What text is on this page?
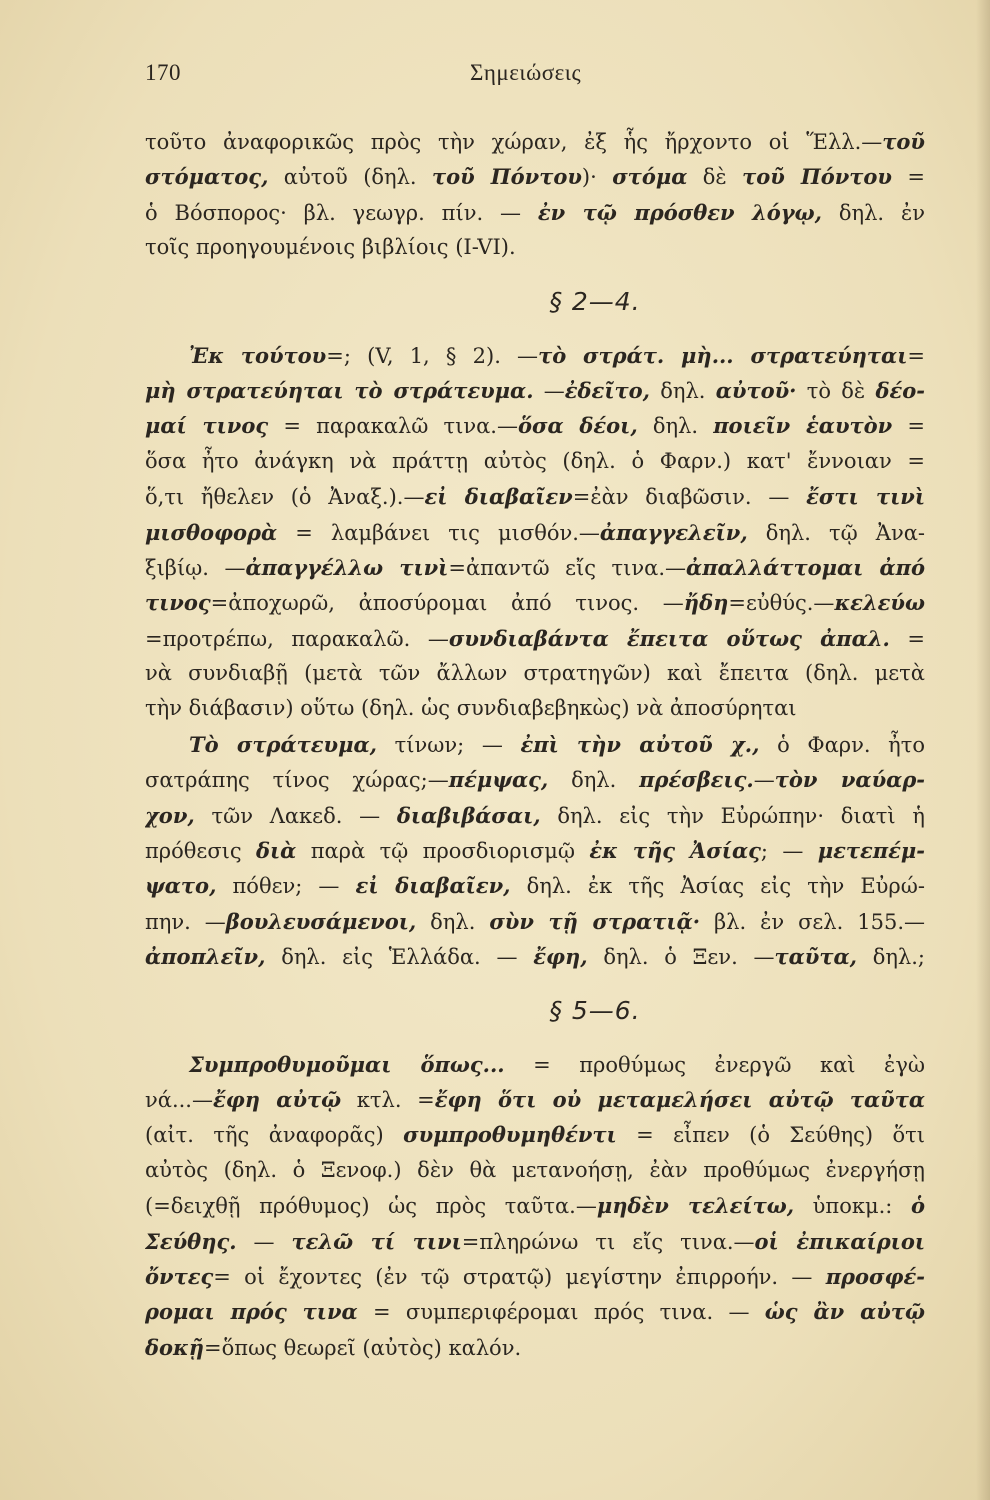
170	Σημειώσεις
τοῦτο ἀναφορικῶς πρὸς τὴν χώραν, ἐξ ἧς ἤρχοντο οἱ Ἕλλ.—τοῦ
στόματος, αὐτοῦ (δηλ. τοῦ Πόντου)· στόμα δὲ τοῦ Πόντου =
ὁ Βόσπορος· βλ. γεωγρ. πίν. — ἐν τῷ πρόσθεν λόγῳ, δηλ. ἐν
τοῖς προηγουμένοις βιβλίοις (I-VI).
§ 2—4.
Ἐκ τούτου=; (V, 1, § 2). —τὸ στράτ. μὴ... στρατεύηται=
μὴ στρατεύηται τὸ στράτευμα. —ἐδεῖτο, δηλ. αὐτοῦ· τὸ δὲ δέο-
μαί τινος = παρακαλῶ τινα.—ὅσα δέοι, δηλ. ποιεῖν ἑαυτὸν =
ὅσα ἦτο ἀνάγκη νὰ πράττῃ αὐτὸς (δηλ. ὁ Φαρν.) κατ' ἔννοιαν =
ὅ,τι ἤθελεν (ὁ Ἀναξ.).—εἰ διαβαῖεν=ἐὰν διαβῶσιν. — ἔστι τινὶ
μισθοφορὰ = λαμβάνει τις μισθόν.—ἀπαγγελεῖν, δηλ. τῷ Ἀνα-
ξιβίῳ. —ἀπαγγέλλω τινὶ=ἀπαντῶ εἴς τινα.—ἀπαλλάττομαι ἀπό
τινος=ἀποχωρῶ, ἀποσύρομαι ἀπό τινος. —ἤδη=εὐθύς.—κελεύω
=προτρέπω, παρακαλῶ. —συνδιαβάντα ἔπειτα οὕτως ἀπαλ. =
νὰ συνδιαβῇ (μετὰ τῶν ἄλλων στρατηγῶν) καὶ ἔπειτα (δηλ. μετὰ
τὴν διάβασιν) οὕτω (δηλ. ὡς συνδιαβεβηκὼς) νὰ ἀποσύρηται
Τὸ στράτευμα, τίνων; — ἐπὶ τὴν αὐτοῦ χ., ὁ Φαρν. ἦτο
σατράπης τίνος χώρας;—πέμψας, δηλ. πρέσβεις.—τὸν ναύαρ-
χον, τῶν Λακεδ. — διαβιβάσαι, δηλ. εἰς τὴν Εὐρώπην· διατὶ ἡ
πρόθεσις διὰ παρὰ τῷ προσδιορισμῷ ἐκ τῆς Ἀσίας; — μετεπέμ-
ψατο, πόθεν; — εἰ διαβαῖεν, δηλ. ἐκ τῆς Ἀσίας εἰς τὴν Εὐρώ-
πην. —βουλευσάμενοι, δηλ. σὺν τῇ στρατιᾷ· βλ. ἐν σελ. 155.—
ἀποπλεῖν, δηλ. εἰς Ἑλλάδα. — ἔφη, δηλ. ὁ Ξεν. —ταῦτα, δηλ.;
§ 5—6.
Συμπροθυμοῦμαι ὅπως... = προθύμως ἐνεργῶ καὶ ἐγὼ
νά...—ἔφη αὐτῷ κτλ. =ἔφη ὅτι οὐ μεταμελήσει αὐτῷ ταῦτα
(αἰτ. τῆς ἀναφορᾶς) συμπροθυμηθέντι = εἶπεν (ὁ Σεύθης) ὅτι
αὐτὸς (δηλ. ὁ Ξενοφ.) δὲν θὰ μετανοήσῃ, ἐὰν προθύμως ἐνεργήσῃ
(=δειχθῇ πρόθυμος) ὡς πρὸς ταῦτα.—μηδὲν τελείτω, ὑποκμ.: ὁ
Σεύθης. — τελῶ τί τινι=πληρώνω τι εἴς τινα.—οἱ ἐπικαίριοι
ὄντες= οἱ ἔχοντες (ἐν τῷ στρατῷ) μεγίστην ἐπιρροήν. — προσφέ-
ρομαι πρός τινα = συμπεριφέρομαι πρός τινα. — ὡς ἂν αὐτῷ
δοκῇ=ὅπως θεωρεῖ (αὐτὸς) καλόν.
